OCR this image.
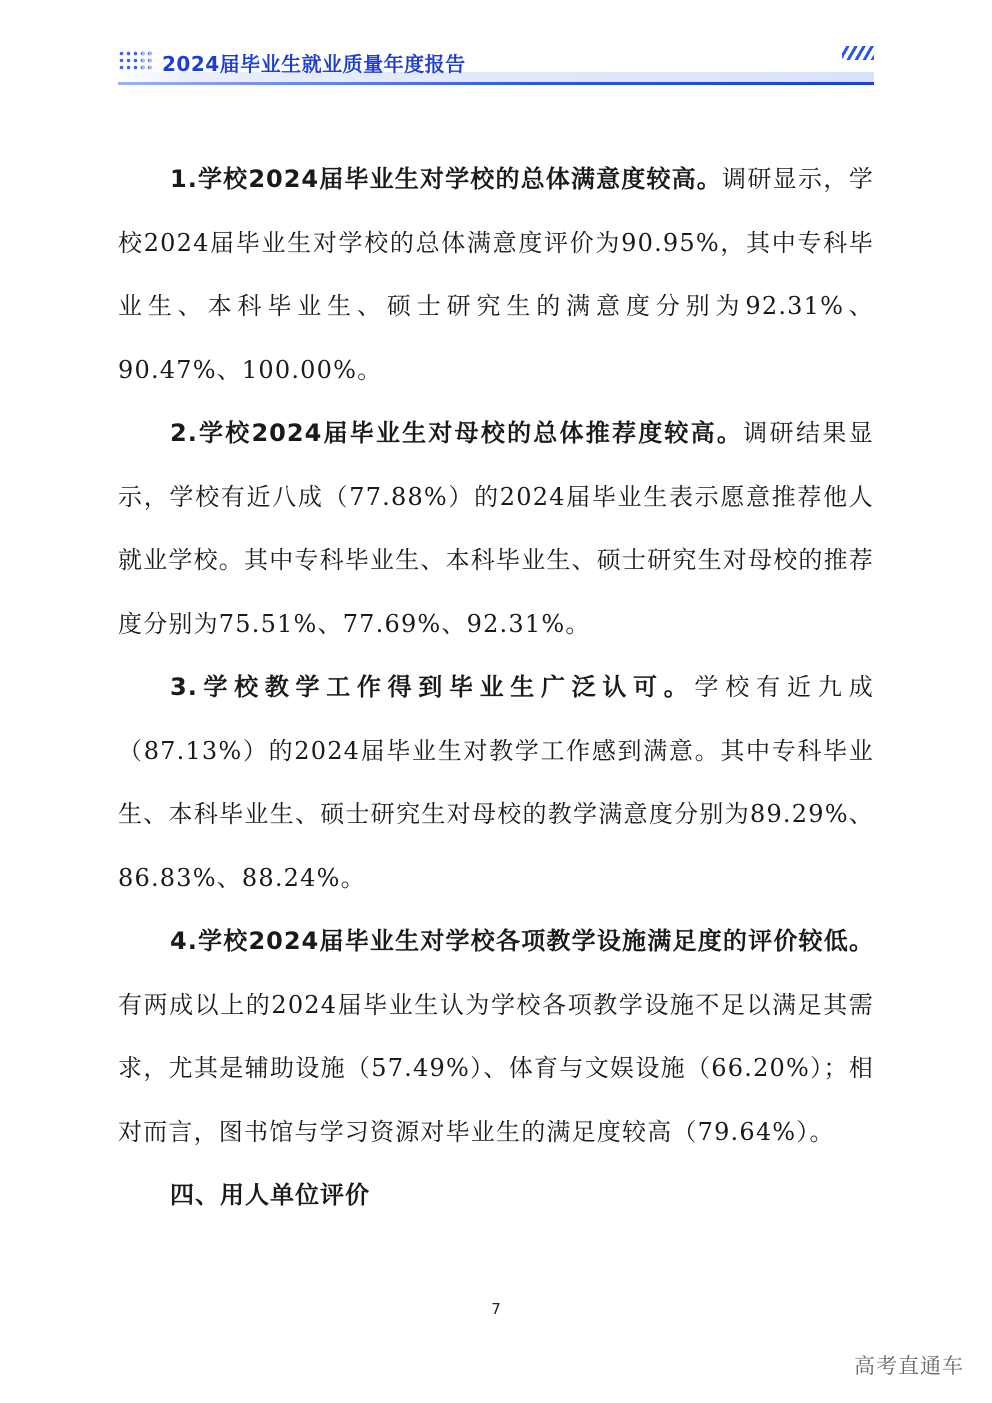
2024届毕业生就业质量年度报告

1.学校2024届毕业生对学校的总体满意度较高。调研显示，学校2024届毕业生对学校的总体满意度评价为90.95%，其中专科毕业生、本科毕业生、硕士研究生的满意度分别为92.31%、90.47%、100.00%。

2.学校2024届毕业生对母校的总体推荐度较高。调研结果显示，学校有近八成（77.88%）的2024届毕业生表示愿意推荐他人就业学校。其中专科毕业生、本科毕业生、硕士研究生对母校的推荐度分别为75.51%、77.69%、92.31%。

3.学校教学工作得到毕业生广泛认可。学校有近九成（87.13%）的2024届毕业生对教学工作感到满意。其中专科毕业生、本科毕业生、硕士研究生对母校的教学满意度分别为89.29%、86.83%、88.24%。

4.学校2024届毕业生对学校各项教学设施满足度的评价较低。有两成以上的2024届毕业生认为学校各项教学设施不足以满足其需求，尤其是辅助设施（57.49%）、体育与文娱设施（66.20%）；相对而言，图书馆与学习资源对毕业生的满足度较高（79.64%）。

四、用人单位评价

7
高考直通车
